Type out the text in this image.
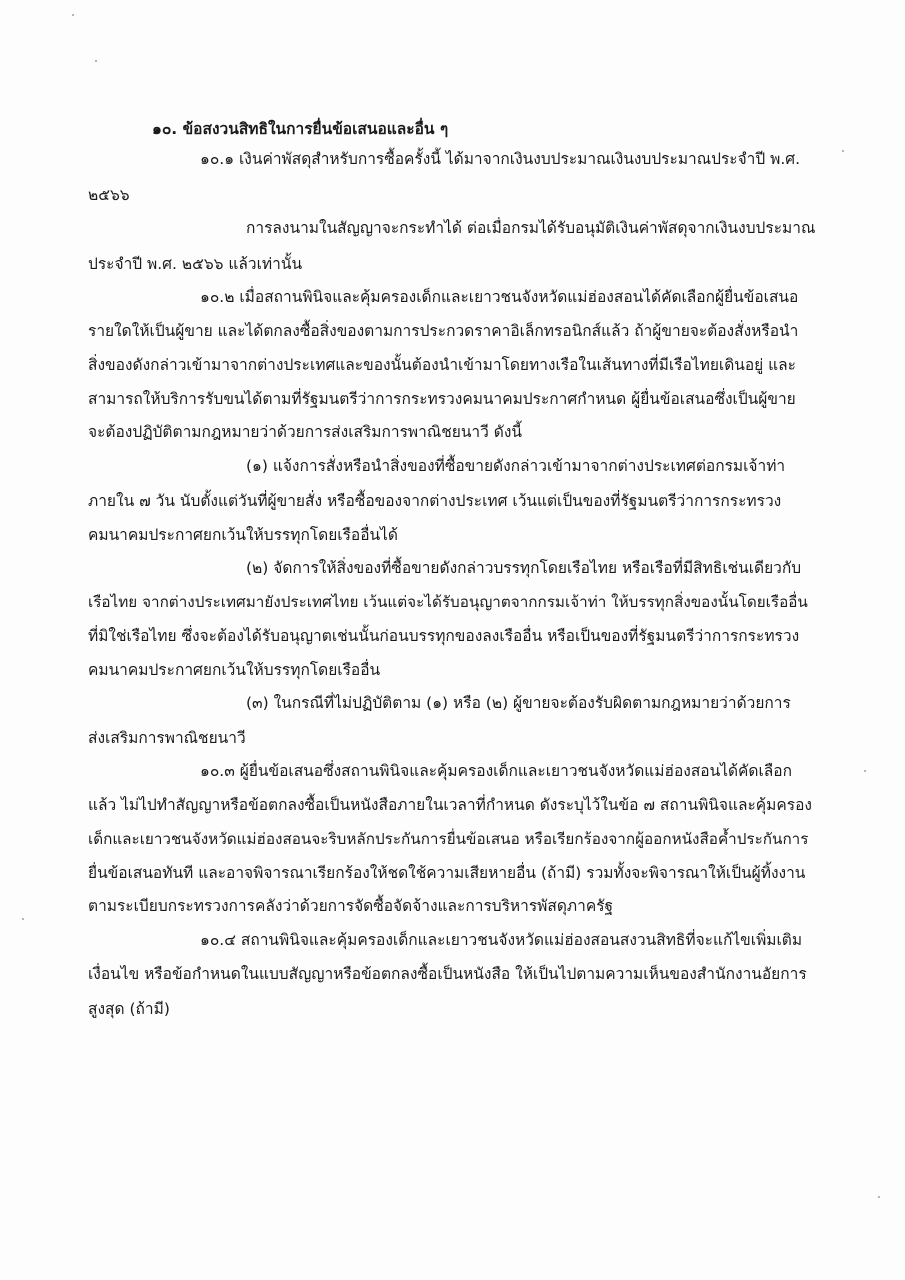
๑๐. ข้อสงวนสิทธิในการยื่นข้อเสนอและอื่น ๆ
๑๐.๑ เงินค่าพัสดุสำหรับการซื้อครั้งนี้ ได้มาจากเงินงบประมาณเงินงบประมาณประจำปี พ.ศ.
๒๕๖๖
การลงนามในสัญญาจะกระทำได้ ต่อเมื่อกรมได้รับอนุมัติเงินค่าพัสดุจากเงินงบประมาณ
ประจำปี พ.ศ. ๒๕๖๖ แล้วเท่านั้น
๑๐.๒ เมื่อสถานพินิจและคุ้มครองเด็กและเยาวชนจังหวัดแม่ฮ่องสอนได้คัดเลือกผู้ยื่นข้อเสนอ
รายใดให้เป็นผู้ขาย และได้ตกลงซื้อสิ่งของตามการประกวดราคาอิเล็กทรอนิกส์แล้ว ถ้าผู้ขายจะต้องสั่งหรือนำ
สิ่งของดังกล่าวเข้ามาจากต่างประเทศและของนั้นต้องนำเข้ามาโดยทางเรือในเส้นทางที่มีเรือไทยเดินอยู่ และ
สามารถให้บริการรับขนได้ตามที่รัฐมนตรีว่าการกระทรวงคมนาคมประกาศกำหนด ผู้ยื่นข้อเสนอซึ่งเป็นผู้ขาย
จะต้องปฏิบัติตามกฎหมายว่าด้วยการส่งเสริมการพาณิชยนาวี ดังนี้
(๑) แจ้งการสั่งหรือนำสิ่งของที่ซื้อขายดังกล่าวเข้ามาจากต่างประเทศต่อกรมเจ้าท่า
ภายใน ๗ วัน นับตั้งแต่วันที่ผู้ขายสั่ง หรือซื้อของจากต่างประเทศ เว้นแต่เป็นของที่รัฐมนตรีว่าการกระทรวง
คมนาคมประกาศยกเว้นให้บรรทุกโดยเรืออื่นได้
(๒) จัดการให้สิ่งของที่ซื้อขายดังกล่าวบรรทุกโดยเรือไทย หรือเรือที่มีสิทธิเช่นเดียวกับ
เรือไทย จากต่างประเทศมายังประเทศไทย เว้นแต่จะได้รับอนุญาตจากกรมเจ้าท่า ให้บรรทุกสิ่งของนั้นโดยเรืออื่น
ที่มิใช่เรือไทย ซึ่งจะต้องได้รับอนุญาตเช่นนั้นก่อนบรรทุกของลงเรืออื่น หรือเป็นของที่รัฐมนตรีว่าการกระทรวง
คมนาคมประกาศยกเว้นให้บรรทุกโดยเรืออื่น
(๓) ในกรณีที่ไม่ปฏิบัติตาม (๑) หรือ (๒) ผู้ขายจะต้องรับผิดตามกฎหมายว่าด้วยการ
ส่งเสริมการพาณิชยนาวี
๑๐.๓ ผู้ยื่นข้อเสนอซึ่งสถานพินิจและคุ้มครองเด็กและเยาวชนจังหวัดแม่ฮ่องสอนได้คัดเลือก
แล้ว ไม่ไปทำสัญญาหรือข้อตกลงซื้อเป็นหนังสือภายในเวลาที่กำหนด ดังระบุไว้ในข้อ ๗ สถานพินิจและคุ้มครอง
เด็กและเยาวชนจังหวัดแม่ฮ่องสอนจะริบหลักประกันการยื่นข้อเสนอ หรือเรียกร้องจากผู้ออกหนังสือค้ำประกันการ
ยื่นข้อเสนอทันที และอาจพิจารณาเรียกร้องให้ชดใช้ความเสียหายอื่น (ถ้ามี) รวมทั้งจะพิจารณาให้เป็นผู้ทิ้งงาน
ตามระเบียบกระทรวงการคลังว่าด้วยการจัดซื้อจัดจ้างและการบริหารพัสดุภาครัฐ
๑๐.๔ สถานพินิจและคุ้มครองเด็กและเยาวชนจังหวัดแม่ฮ่องสอนสงวนสิทธิที่จะแก้ไขเพิ่มเติม
เงื่อนไข หรือข้อกำหนดในแบบสัญญาหรือข้อตกลงซื้อเป็นหนังสือ ให้เป็นไปตามความเห็นของสำนักงานอัยการ
สูงสุด (ถ้ามี)
